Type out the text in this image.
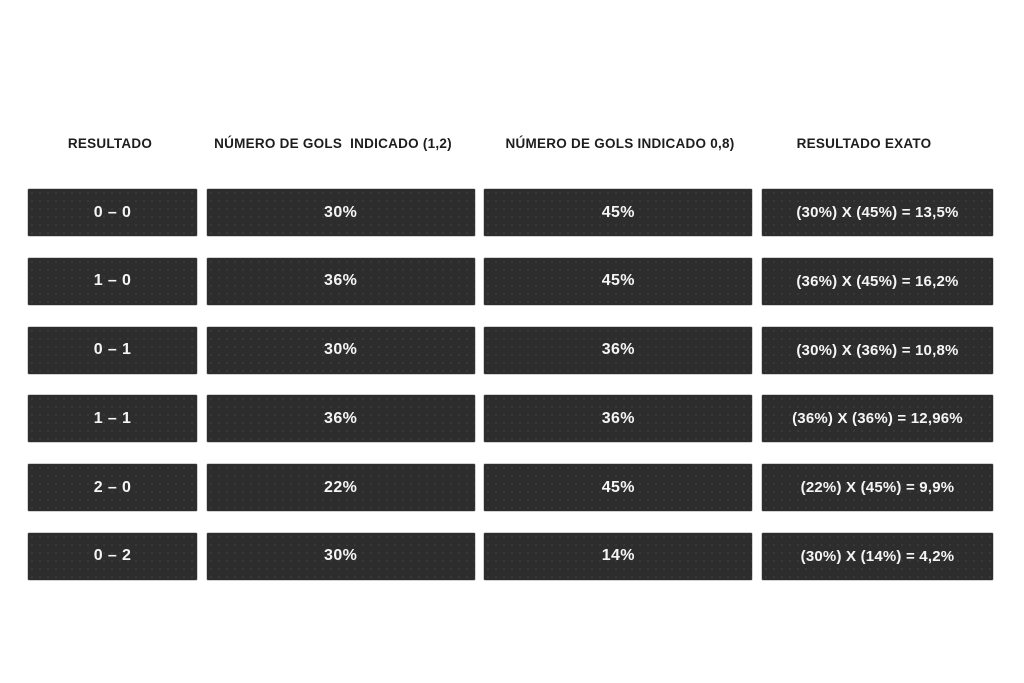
RESULTADO	NÚMERO DE GOLS  INDICADO (1,2)	NÚMERO DE GOLS INDICADO 0,8)	RESULTADO EXATO
0 – 0	30%	45%	(30%) X (45%) = 13,5%
1 – 0	36%	45%	(36%) X (45%) = 16,2%
0 – 1	30%	36%	(30%) X (36%) = 10,8%
1 – 1	36%	36%	(36%) X (36%) = 12,96%
2 – 0	22%	45%	(22%) X (45%) = 9,9%
0 – 2	30%	14%	(30%) X (14%) = 4,2%
